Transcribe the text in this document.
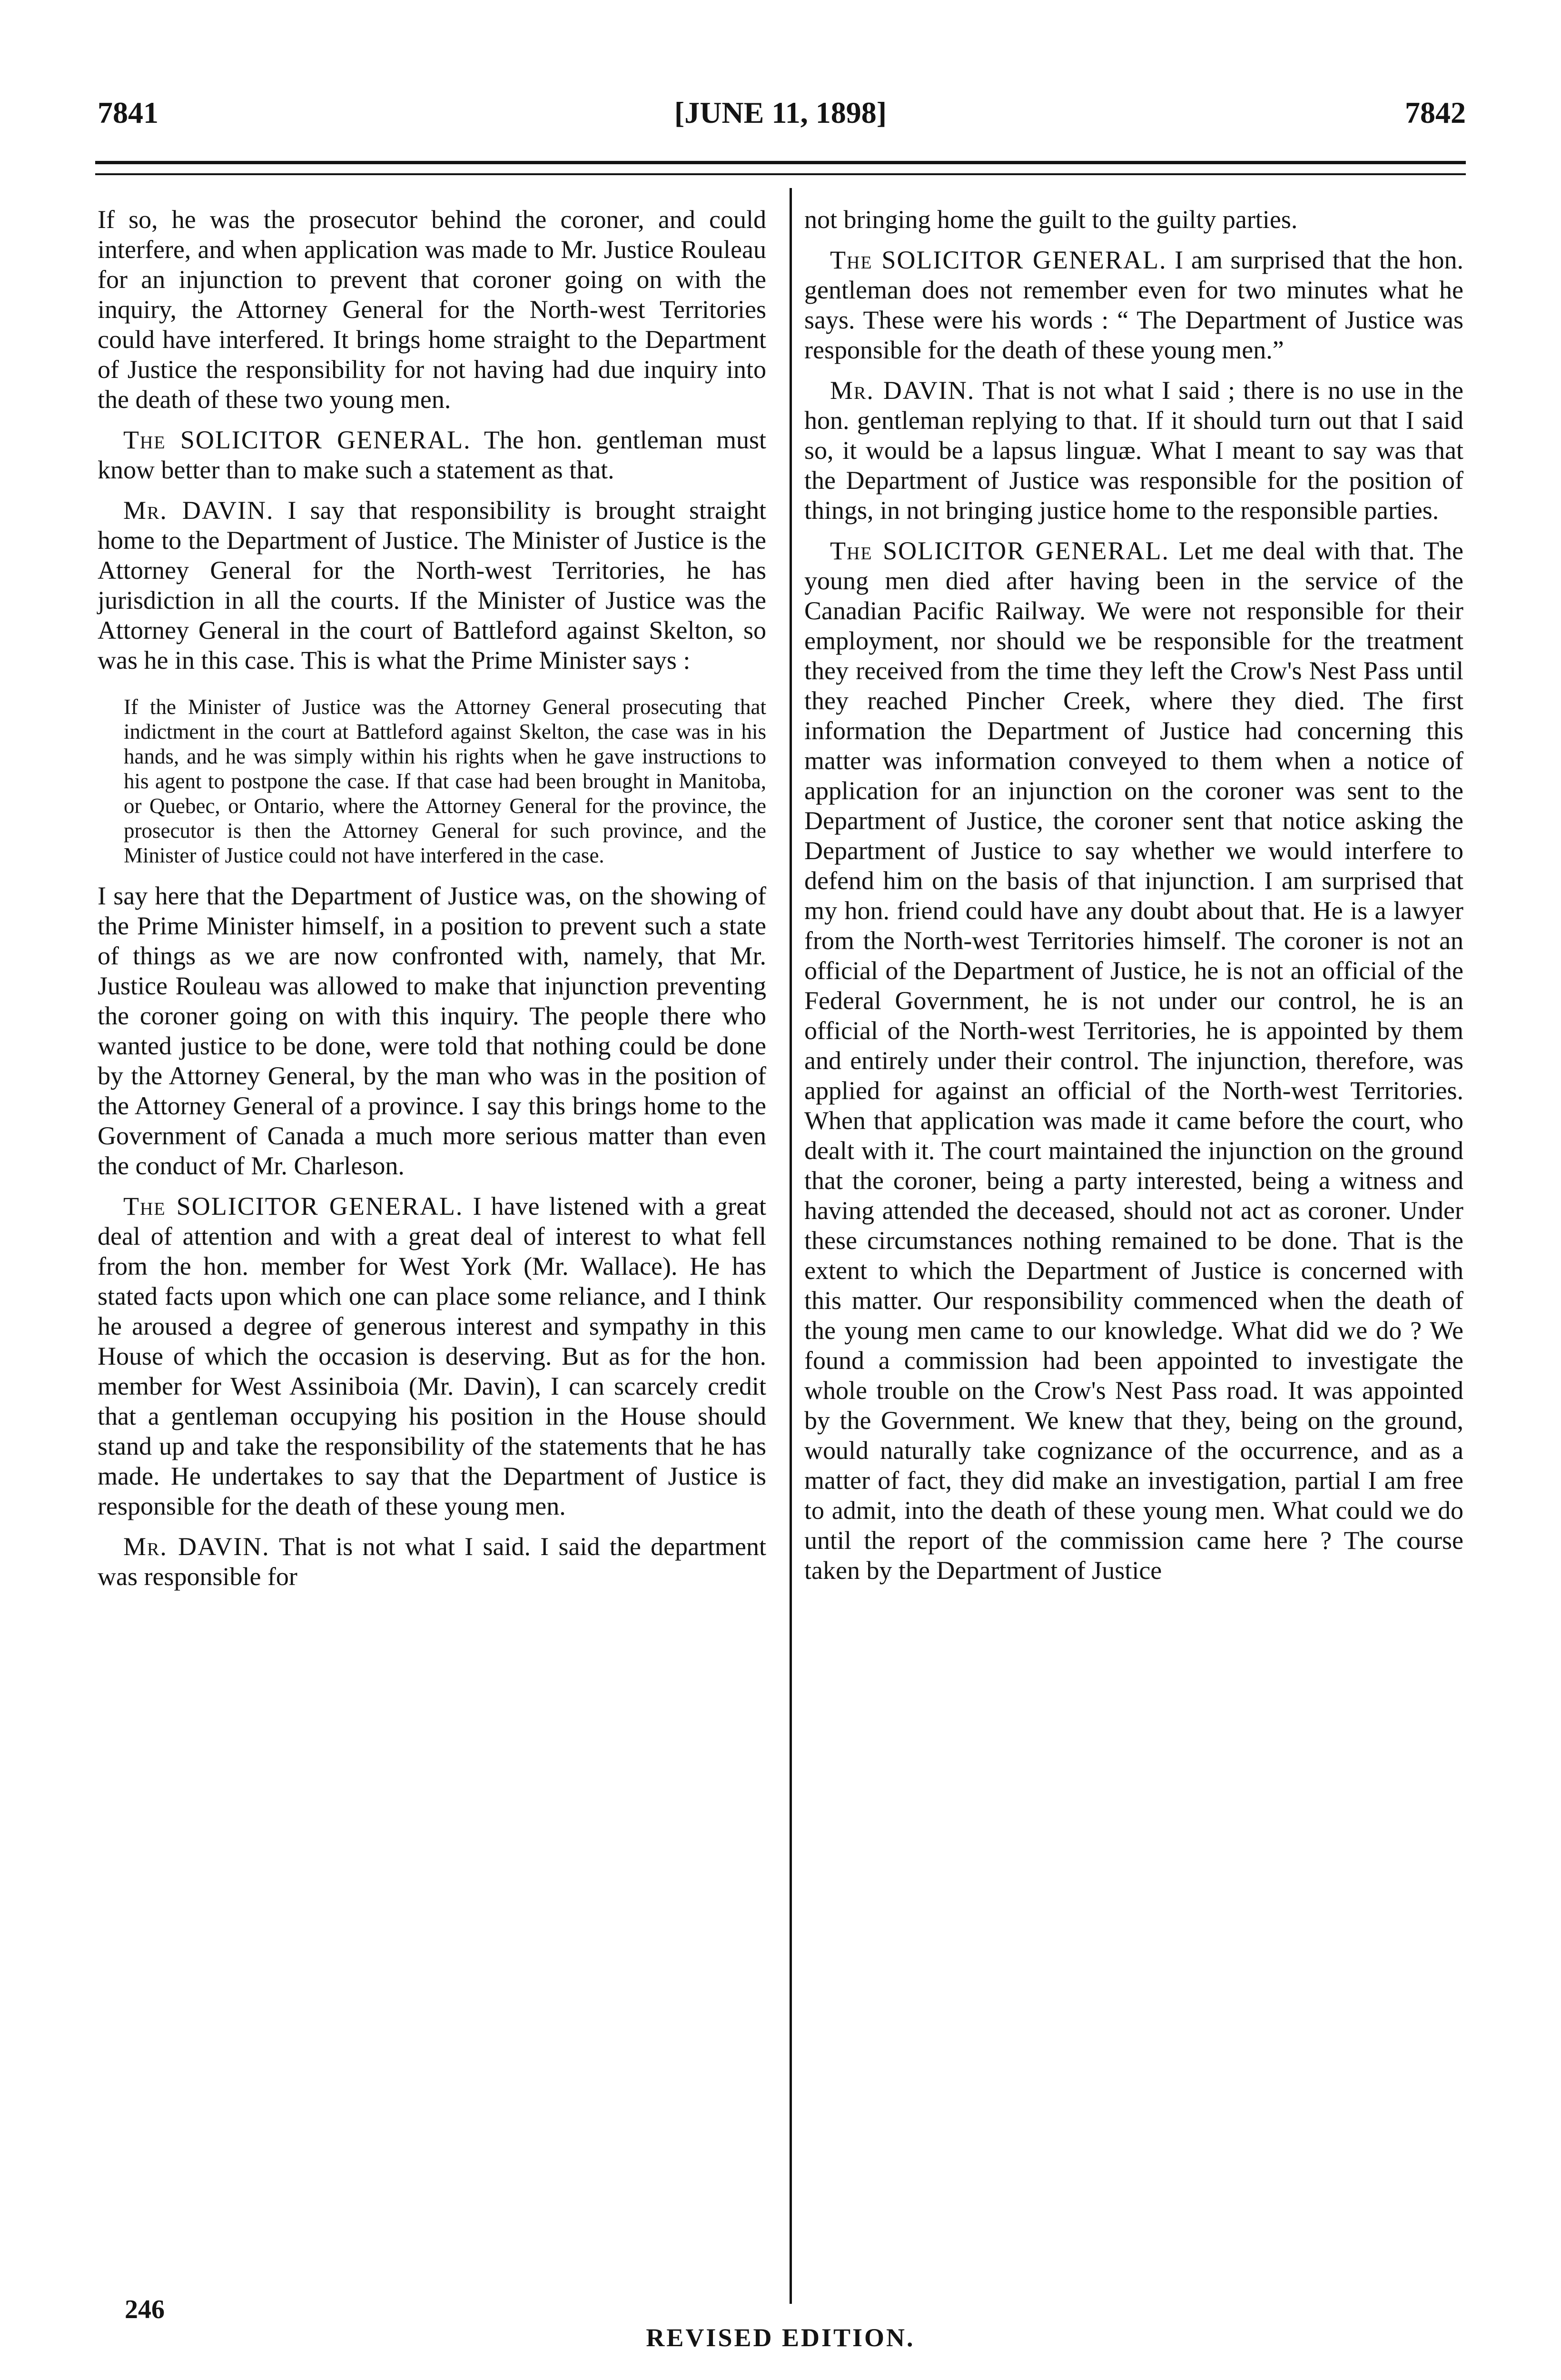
7841	[JUNE 11, 1898]	7842

If so, he was the prosecutor behind the coroner, and could interfere, and when application was made to Mr. Justice Rouleau for an injunction to prevent that coroner going on with the inquiry, the Attorney General for the North-west Territories could have interfered. It brings home straight to the Department of Justice the responsibility for not having had due inquiry into the death of these two young men.

 The SOLICITOR GENERAL. The hon. gentleman must know better than to make such a statement as that.

 Mr. DAVIN. I say that responsibility is brought straight home to the Department of Justice. The Minister of Justice is the Attorney General for the North-west Territories, he has jurisdiction in all the courts. If the Minister of Justice was the Attorney General in the court of Battleford against Skelton, so was he in this case. This is what the Prime Minister says :

If the Minister of Justice was the Attorney General prosecuting that indictment in the court at Battleford against Skelton, the case was in his hands, and he was simply within his rights when he gave instructions to his agent to postpone the case. If that case had been brought in Manitoba, or Quebec, or Ontario, where the Attorney General for the province, the prosecutor is then the Attorney General for such province, and the Minister of Justice could not have interfered in the case.

I say here that the Department of Justice was, on the showing of the Prime Minister himself, in a position to prevent such a state of things as we are now confronted with, namely, that Mr. Justice Rouleau was allowed to make that injunction preventing the coroner going on with this inquiry. The people there who wanted justice to be done, were told that nothing could be done by the Attorney General, by the man who was in the position of the Attorney General of a province. I say this brings home to the Government of Canada a much more serious matter than even the conduct of Mr. Charleson.

 The SOLICITOR GENERAL. I have listened with a great deal of attention and with a great deal of interest to what fell from the hon. member for West York (Mr. Wallace). He has stated facts upon which one can place some reliance, and I think he aroused a degree of generous interest and sympathy in this House of which the occasion is deserving. But as for the hon. member for West Assiniboia (Mr. Davin), I can scarcely credit that a gentleman occupying his position in the House should stand up and take the responsibility of the statements that he has made. He undertakes to say that the Department of Justice is responsible for the death of these young men.

 Mr. DAVIN. That is not what I said. I said the department was responsible for

not bringing home the guilt to the guilty parties.

 The SOLICITOR GENERAL. I am surprised that the hon. gentleman does not remember even for two minutes what he says. These were his words : “ The Department of Justice was responsible for the death of these young men.”

 Mr. DAVIN. That is not what I said ; there is no use in the hon. gentleman replying to that. If it should turn out that I said so, it would be a lapsus linguæ. What I meant to say was that the Department of Justice was responsible for the position of things, in not bringing justice home to the responsible parties.

 The SOLICITOR GENERAL. Let me deal with that. The young men died after having been in the service of the Canadian Pacific Railway. We were not responsible for their employment, nor should we be responsible for the treatment they received from the time they left the Crow's Nest Pass until they reached Pincher Creek, where they died. The first information the Department of Justice had concerning this matter was information conveyed to them when a notice of application for an injunction on the coroner was sent to the Department of Justice, the coroner sent that notice asking the Department of Justice to say whether we would interfere to defend him on the basis of that injunction. I am surprised that my hon. friend could have any doubt about that. He is a lawyer from the North-west Territories himself. The coroner is not an official of the Department of Justice, he is not an official of the Federal Government, he is not under our control, he is an official of the North-west Territories, he is appointed by them and entirely under their control. The injunction, therefore, was applied for against an official of the North-west Territories. When that application was made it came before the court, who dealt with it. The court maintained the injunction on the ground that the coroner, being a party interested, being a witness and having attended the deceased, should not act as coroner. Under these circumstances nothing remained to be done. That is the extent to which the Department of Justice is concerned with this matter. Our responsibility commenced when the death of the young men came to our knowledge. What did we do ? We found a commission had been appointed to investigate the whole trouble on the Crow's Nest Pass road. It was appointed by the Government. We knew that they, being on the ground, would naturally take cognizance of the occurrence, and as a matter of fact, they did make an investigation, partial I am free to admit, into the death of these young men. What could we do until the report of the commission came here ? The course taken by the Department of Justice

246
REVISED EDITION.
